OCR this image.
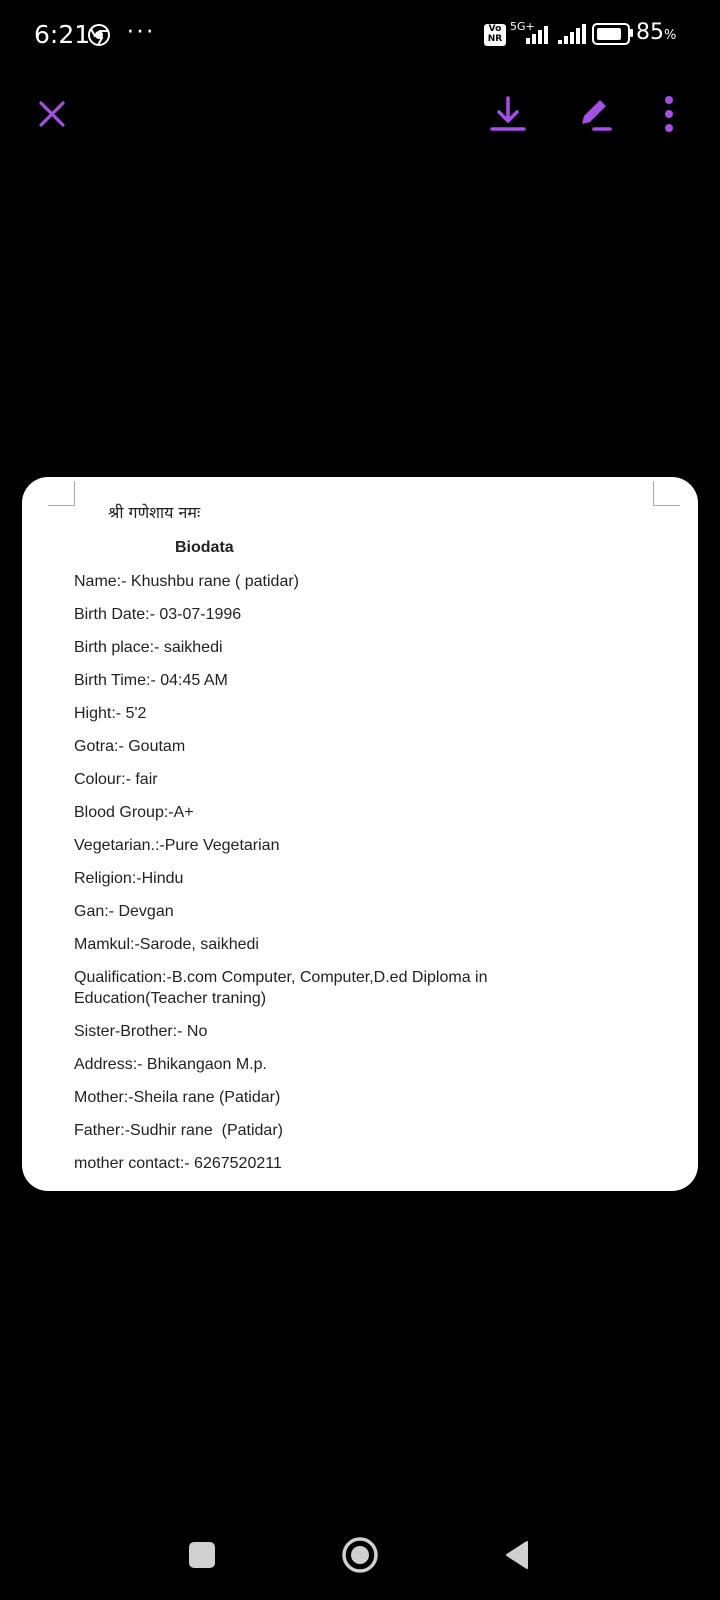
6:21 ···	Vo NR
5G+	85%
श्री गणेशाय नमः
Biodata

Name:- Khushbu rane ( patidar)

Birth Date:- 03-07-1996

Birth place:- saikhedi

Birth Time:- 04:45 AM

Hight:- 5'2

Gotra:- Goutam

Colour:- fair

Blood Group:-A+

Vegetarian.:-Pure Vegetarian

Religion:-Hindu

Gan:- Devgan

Mamkul:-Sarode, saikhedi

Qualification:-B.com Computer, Computer,D.ed Diploma in
Education(Teacher traning)

Sister-Brother:- No

Address:- Bhikangaon M.p.

Mother:-Sheila rane (Patidar)

Father:-Sudhir rane  (Patidar)

mother contact:- 6267520211
